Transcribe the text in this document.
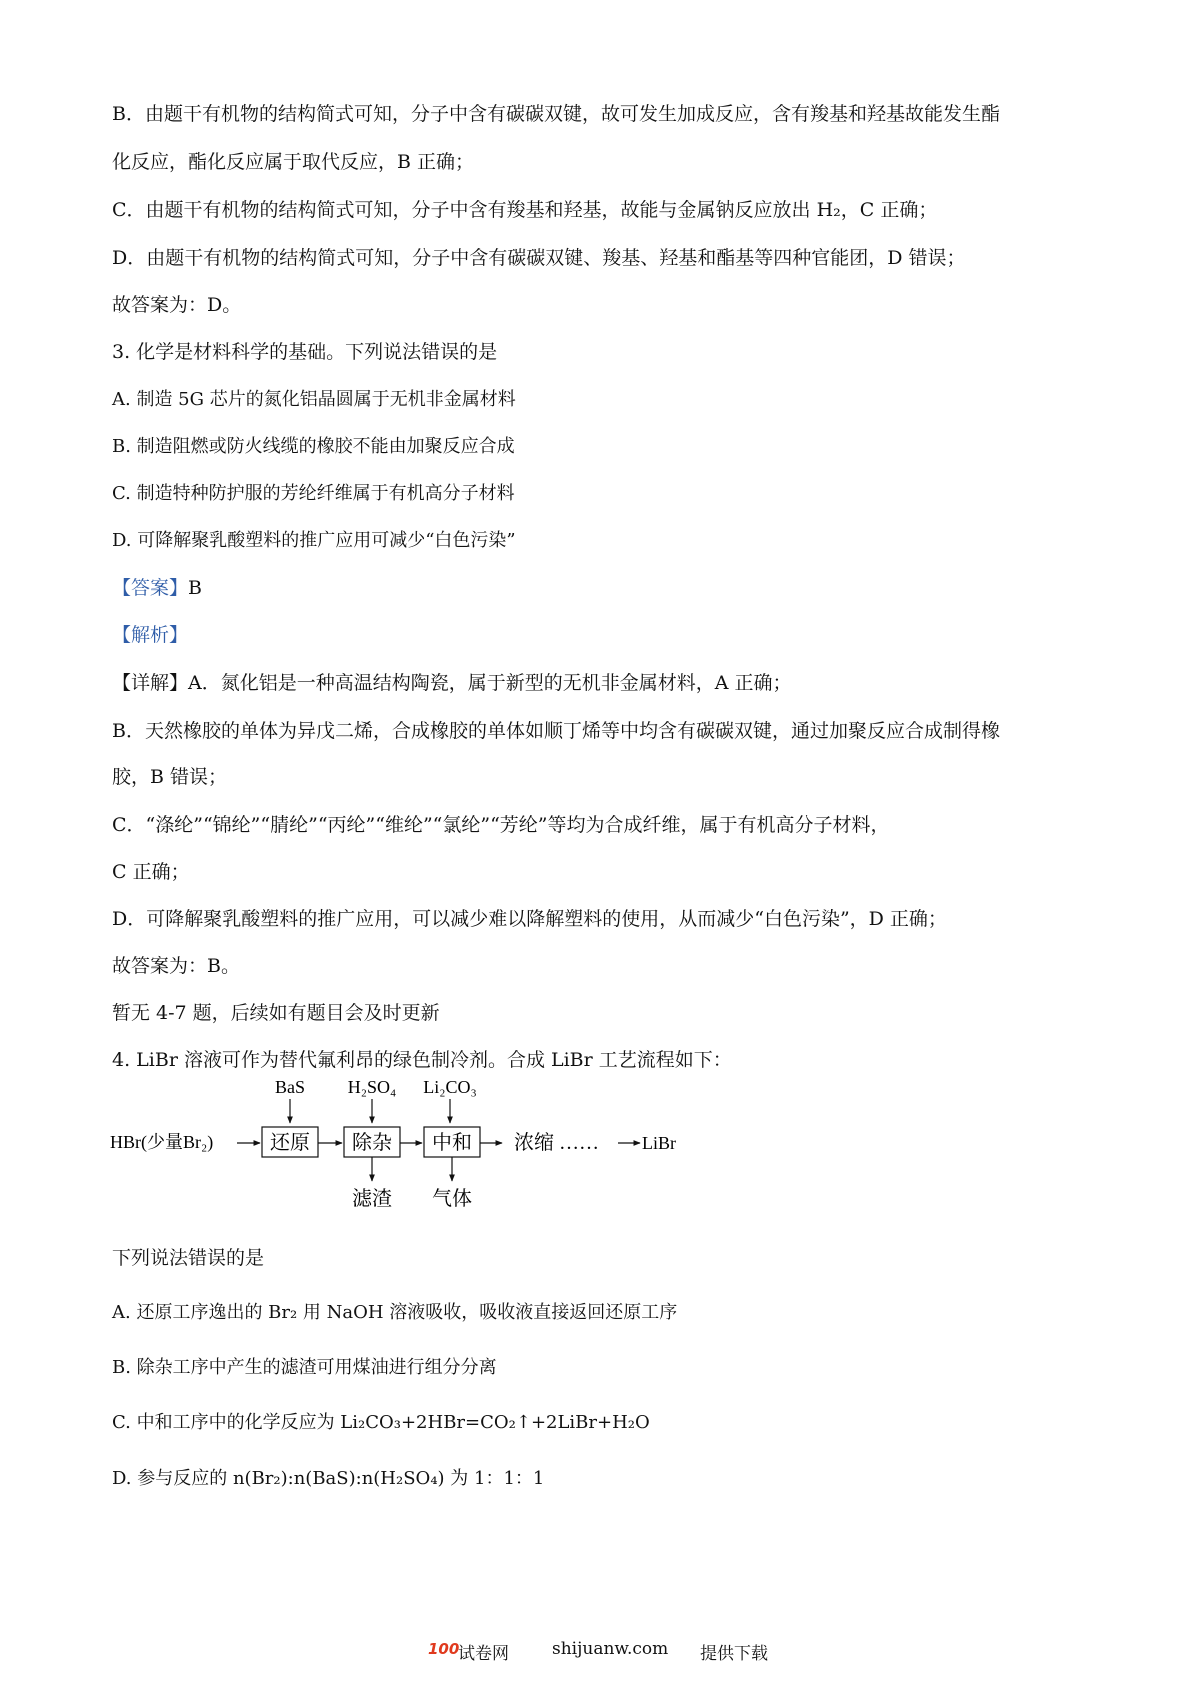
B．由题干有机物的结构简式可知，分子中含有碳碳双键，故可发生加成反应，含有羧基和羟基故能发生酯
化反应，酯化反应属于取代反应，B 正确；
C．由题干有机物的结构简式可知，分子中含有羧基和羟基，故能与金属钠反应放出 H₂，C 正确；
D．由题干有机物的结构简式可知，分子中含有碳碳双键、羧基、羟基和酯基等四种官能团，D 错误；
故答案为：D。
3. 化学是材料科学的基础。下列说法错误的是
A. 制造 5G 芯片的氮化铝晶圆属于无机非金属材料
B. 制造阻燃或防火线缆的橡胶不能由加聚反应合成
C. 制造特种防护服的芳纶纤维属于有机高分子材料
D. 可降解聚乳酸塑料的推广应用可减少“白色污染”
【答案】B
【解析】
【详解】A．氮化铝是一种高温结构陶瓷，属于新型的无机非金属材料，A 正确；
B．天然橡胶的单体为异戊二烯，合成橡胶的单体如顺丁烯等中均含有碳碳双键，通过加聚反应合成制得橡
胶，B 错误；
C．“涤纶”“锦纶”“腈纶”“丙纶”“维纶”“氯纶”“芳纶”等均为合成纤维，属于有机高分子材料，
C 正确；
D．可降解聚乳酸塑料的推广应用，可以减少难以降解塑料的使用，从而减少“白色污染”，D 正确；
故答案为：B。
暂无 4-7 题，后续如有题目会及时更新
4. LiBr 溶液可作为替代氟利昂的绿色制冷剂。合成 LiBr 工艺流程如下：
BaS H₂SO₄ Li₂CO₃
HBr(少量Br₂)	还原 除杂 中和 浓缩 …… LiBr
滤渣 气体
下列说法错误的是
A. 还原工序逸出的 Br₂ 用 NaOH 溶液吸收，吸收液直接返回还原工序
B. 除杂工序中产生的滤渣可用煤油进行组分分离
C. 中和工序中的化学反应为 Li₂CO₃+2HBr=CO₂↑+2LiBr+H₂O
D. 参与反应的 n(Br₂):n(BaS):n(H₂SO₄) 为 1：1：1
100
试卷网	shijuanw.com 提供下载
